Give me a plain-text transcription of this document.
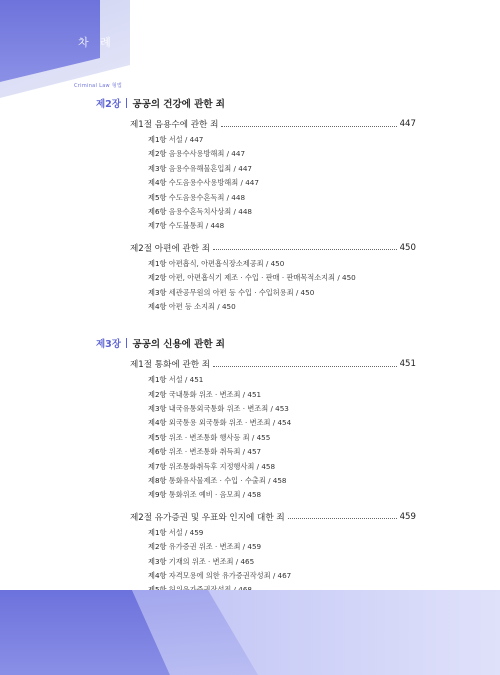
차 례
Criminal Law 형법
제2장 공공의 건강에 관한 죄
제1절 음용수에 관한 죄	447
제1항 서설 / 447
제2항 음용수사용방해죄 / 447
제3항 음용수유해물혼입죄 / 447
제4항 수도음용수사용방해죄 / 447
제5항 수도음용수혼독죄 / 448
제6항 음용수혼독치사상죄 / 448
제7항 수도불통죄 / 448
제2절 아편에 관한 죄	450
제1항 아편흡식, 아편흡식장소제공죄 / 450
제2항 아편, 아편흡식기 제조 · 수입 · 판매 · 판매목적소지죄 / 450
제3항 세관공무원의 아편 등 수입 · 수입허용죄 / 450
제4항 아편 등 소지죄 / 450
제3장 공공의 신용에 관한 죄
제1절 통화에 관한 죄	451
제1항 서설 / 451
제2항 국내통화 위조 · 변조죄 / 451
제3항 내국유통외국통화 위조 · 변조죄 / 453
제4항 외국통용 외국통화 위조 · 변조죄 / 454
제5항 위조 · 변조통화 행사등 죄 / 455
제6항 위조 · 변조통화 취득죄 / 457
제7항 위조통화취득후 지정행사죄 / 458
제8항 통화유사물제조 · 수입 · 수출죄 / 458
제9항 통화위조 예비 · 음모죄 / 458
제2절 유가증권 및 우표와 인지에 대한 죄	459
제1항 서설 / 459
제2항 유가증권 위조 · 변조죄 / 459
제3항 기재의 위조 · 변조죄 / 465
제4항 자격모용에 의한 유가증권작성죄 / 467
